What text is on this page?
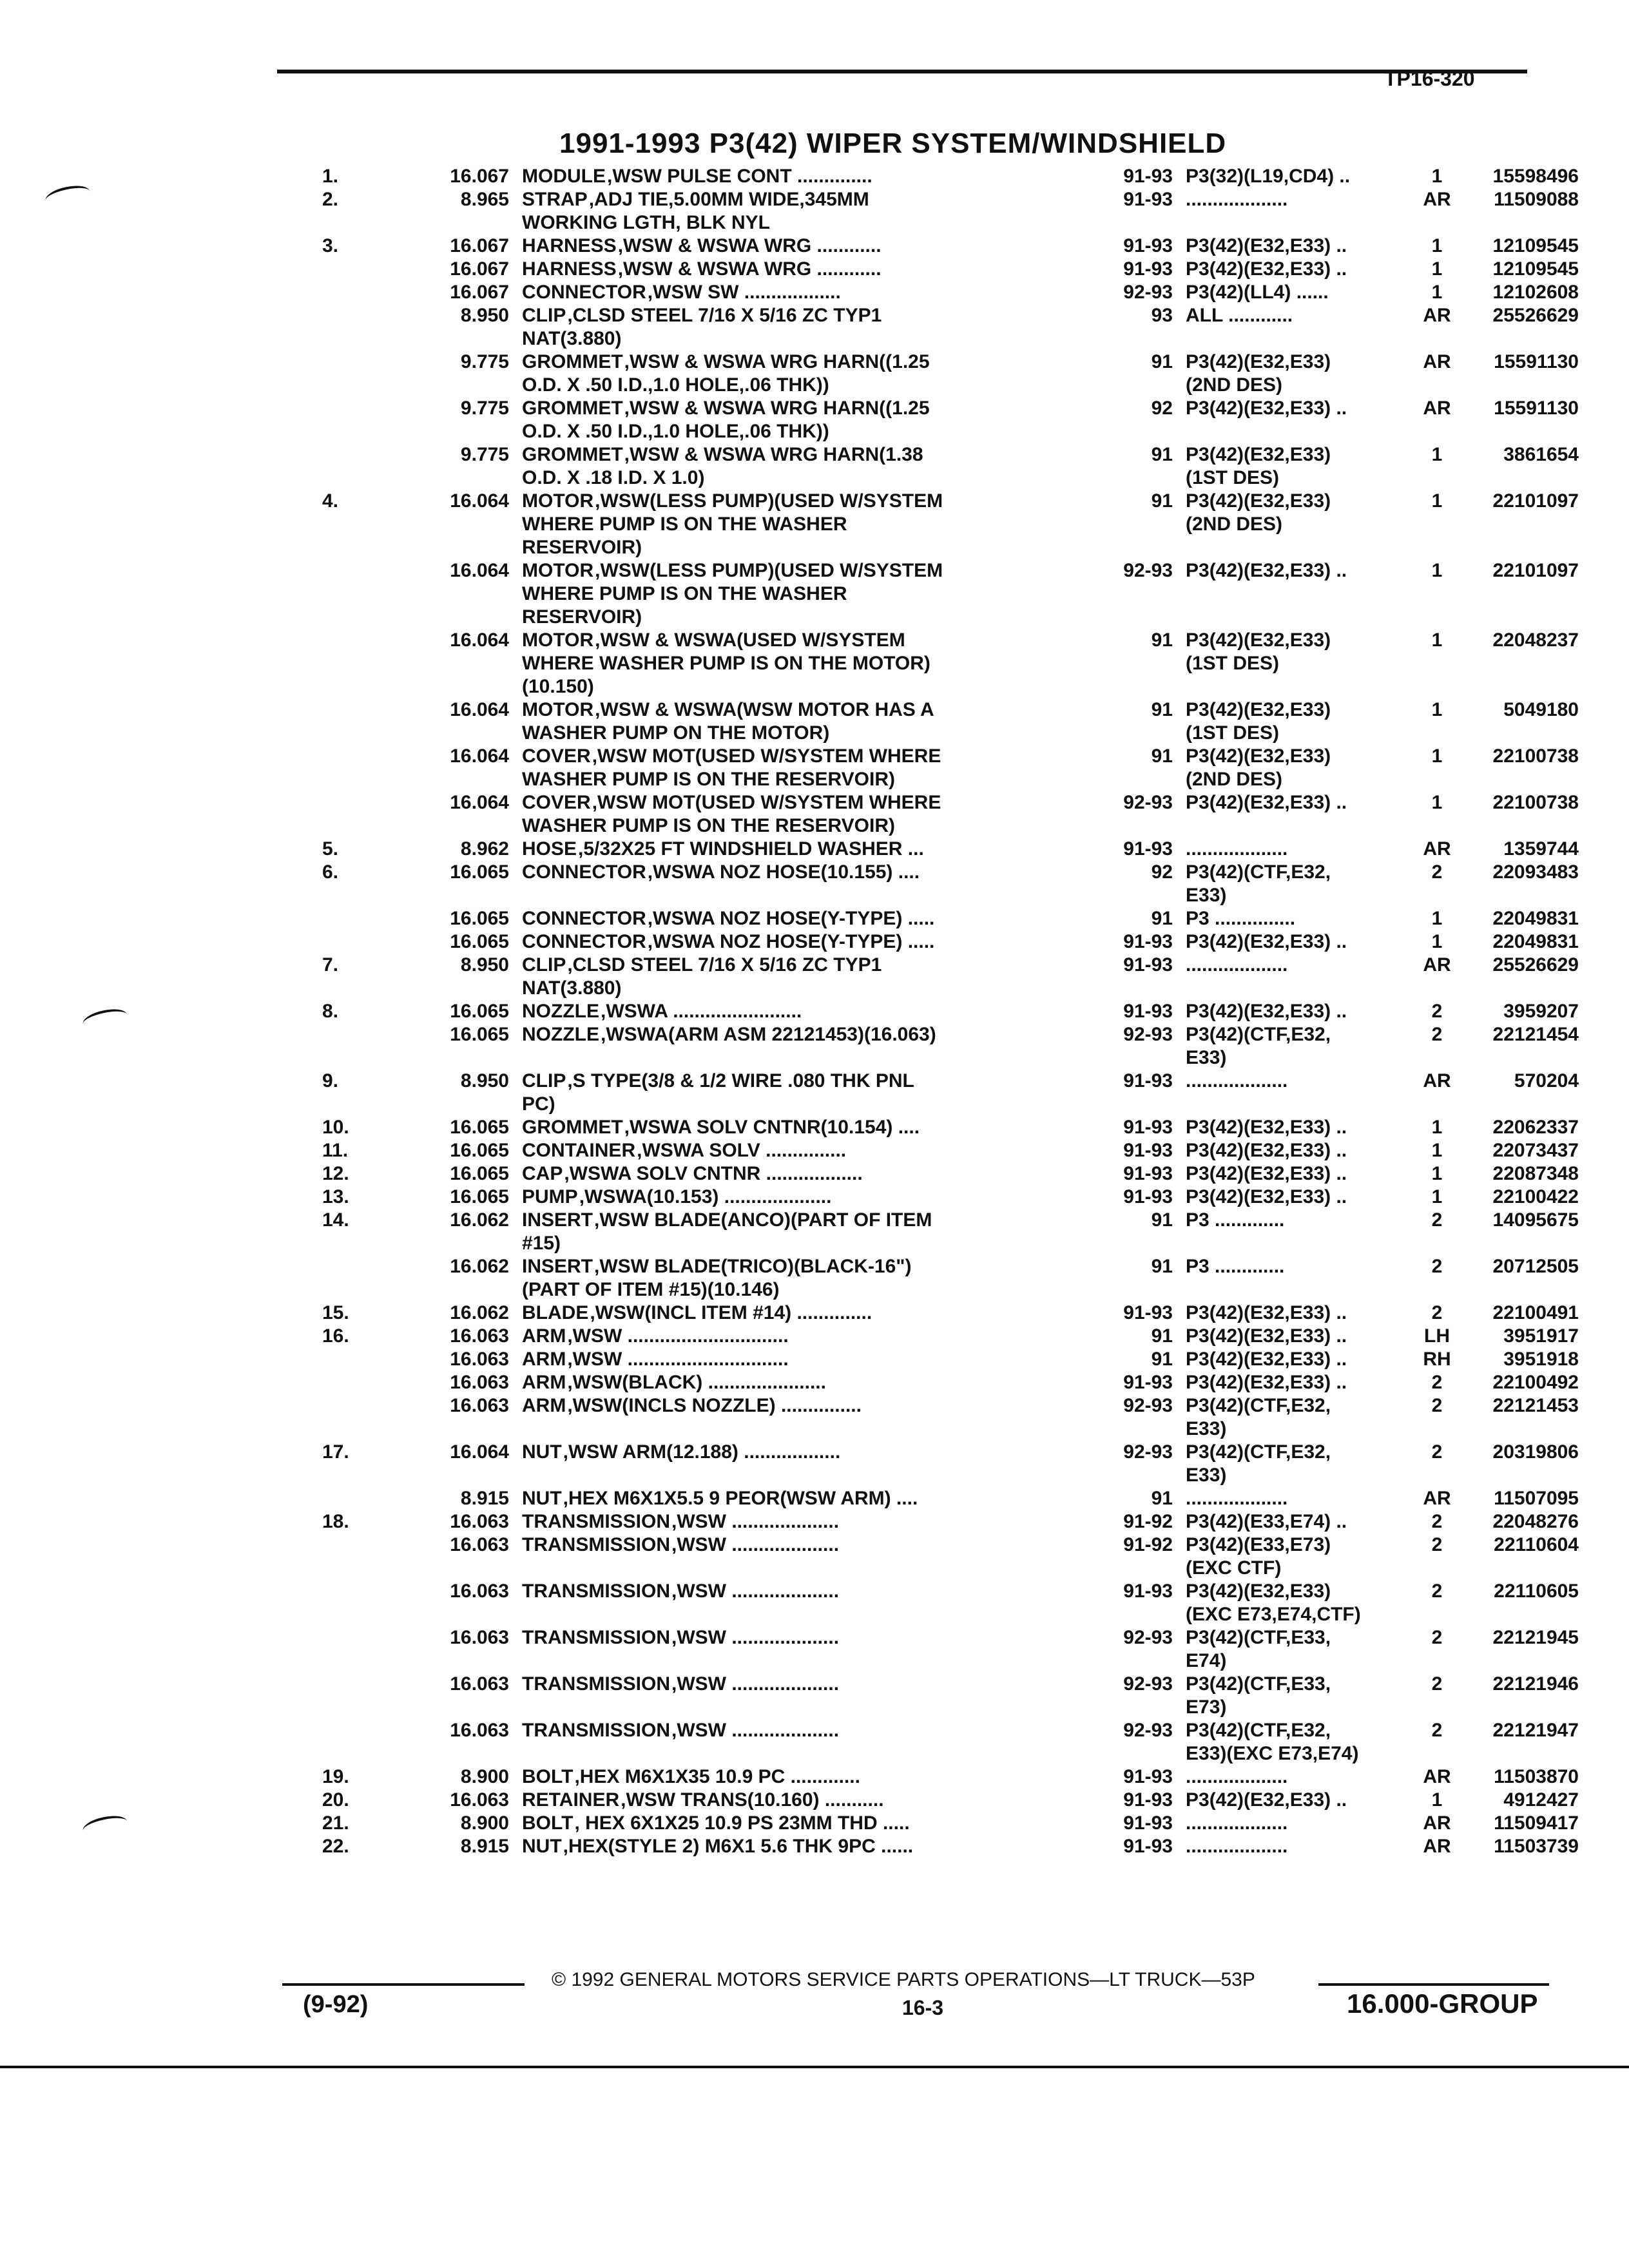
TP16-320
1991-1993 P3(42) WIPER SYSTEM/WINDSHIELD
1.	16.067 MODULE,WSW PULSE CONT ..............	91-93 P3(32)(L19,CD4) ..	1	15598496
2.	8.965 STRAP,ADJ TIE,5.00MM WIDE,345MM	91-93 ...................	AR	11509088
WORKING LGTH, BLK NYL
3.	16.067 HARNESS,WSW & WSWA WRG ............	91-93 P3(42)(E32,E33) ..	1	12109545
16.067 HARNESS,WSW & WSWA WRG ............	91-93 P3(42)(E32,E33) ..	1	12109545
16.067 CONNECTOR,WSW SW ..................	92-93 P3(42)(LL4) ......	1	12102608
8.950 CLIP,CLSD STEEL 7/16 X 5/16 ZC TYP1	93 ALL ............	AR	25526629
NAT(3.880)
9.775 GROMMET,WSW & WSWA WRG HARN((1.25	91 P3(42)(E32,E33)	AR	15591130
O.D. X .50 I.D.,1.0 HOLE,.06 THK))	(2ND DES)
9.775 GROMMET,WSW & WSWA WRG HARN((1.25	92 P3(42)(E32,E33) ..	AR	15591130
O.D. X .50 I.D.,1.0 HOLE,.06 THK))
9.775 GROMMET,WSW & WSWA WRG HARN(1.38	91 P3(42)(E32,E33)	1	3861654
O.D. X .18 I.D. X 1.0)	(1ST DES)
4.	16.064 MOTOR,WSW(LESS PUMP)(USED W/SYSTEM	91 P3(42)(E32,E33)	1	22101097
WHERE PUMP IS ON THE WASHER	(2ND DES)
RESERVOIR)
16.064 MOTOR,WSW(LESS PUMP)(USED W/SYSTEM	92-93 P3(42)(E32,E33) ..	1	22101097
WHERE PUMP IS ON THE WASHER
RESERVOIR)
16.064 MOTOR,WSW & WSWA(USED W/SYSTEM	91 P3(42)(E32,E33)	1	22048237
WHERE WASHER PUMP IS ON THE MOTOR)	(1ST DES)
(10.150)
16.064 MOTOR,WSW & WSWA(WSW MOTOR HAS A	91 P3(42)(E32,E33)	1	5049180
WASHER PUMP ON THE MOTOR)	(1ST DES)
16.064 COVER,WSW MOT(USED W/SYSTEM WHERE	91 P3(42)(E32,E33)	1	22100738
WASHER PUMP IS ON THE RESERVOIR)	(2ND DES)
16.064 COVER,WSW MOT(USED W/SYSTEM WHERE	92-93 P3(42)(E32,E33) ..	1	22100738
WASHER PUMP IS ON THE RESERVOIR)
5.	8.962 HOSE,5/32X25 FT WINDSHIELD WASHER ...	91-93 ...................	AR	1359744
6.	16.065 CONNECTOR,WSWA NOZ HOSE(10.155) ....	92 P3(42)(CTF,E32,	2	22093483
E33)
16.065 CONNECTOR,WSWA NOZ HOSE(Y-TYPE) .....	91 P3 ...............	1	22049831
16.065 CONNECTOR,WSWA NOZ HOSE(Y-TYPE) .....	91-93 P3(42)(E32,E33) ..	1	22049831
7.	8.950 CLIP,CLSD STEEL 7/16 X 5/16 ZC TYP1	91-93 ...................	AR	25526629
NAT(3.880)
8.	16.065 NOZZLE,WSWA ........................	91-93 P3(42)(E32,E33) ..	2	3959207
16.065 NOZZLE,WSWA(ARM ASM 22121453)(16.063)	92-93 P3(42)(CTF,E32,	2	22121454
E33)
9.	8.950 CLIP,S TYPE(3/8 & 1/2 WIRE .080 THK PNL	91-93 ...................	AR	570204
PC)
10.	16.065 GROMMET,WSWA SOLV CNTNR(10.154) ....	91-93 P3(42)(E32,E33) ..	1	22062337
11.	16.065 CONTAINER,WSWA SOLV ...............	91-93 P3(42)(E32,E33) ..	1	22073437
12.	16.065 CAP,WSWA SOLV CNTNR ..................	91-93 P3(42)(E32,E33) ..	1	22087348
13.	16.065 PUMP,WSWA(10.153) ....................	91-93 P3(42)(E32,E33) ..	1	22100422
14.	16.062 INSERT,WSW BLADE(ANCO)(PART OF ITEM	91 P3 .............	2	14095675
#15)
16.062 INSERT,WSW BLADE(TRICO)(BLACK-16")	91 P3 .............	2	20712505
(PART OF ITEM #15)(10.146)
15.	16.062 BLADE,WSW(INCL ITEM #14) ..............	91-93 P3(42)(E32,E33) ..	2	22100491
16.	16.063 ARM,WSW ..............................	91 P3(42)(E32,E33) ..	LH	3951917
16.063 ARM,WSW ..............................	91 P3(42)(E32,E33) ..	RH	3951918
16.063 ARM,WSW(BLACK) ......................	91-93 P3(42)(E32,E33) ..	2	22100492
16.063 ARM,WSW(INCLS NOZZLE) ...............	92-93 P3(42)(CTF,E32,	2	22121453
E33)
17.	16.064 NUT,WSW ARM(12.188) ..................	92-93 P3(42)(CTF,E32,	2	20319806
E33)
8.915 NUT,HEX M6X1X5.5 9 PEOR(WSW ARM) ....	91 ...................	AR	11507095
18.	16.063 TRANSMISSION,WSW ....................	91-92 P3(42)(E33,E74) ..	2	22048276
16.063 TRANSMISSION,WSW ....................	91-92 P3(42)(E33,E73)	2	22110604
(EXC CTF)
16.063 TRANSMISSION,WSW ....................	91-93 P3(42)(E32,E33)	2	22110605
(EXC E73,E74,CTF)
16.063 TRANSMISSION,WSW ....................	92-93 P3(42)(CTF,E33,	2	22121945
E74)
16.063 TRANSMISSION,WSW ....................	92-93 P3(42)(CTF,E33,	2	22121946
E73)
16.063 TRANSMISSION,WSW ....................	92-93 P3(42)(CTF,E32,	2	22121947
E33)(EXC E73,E74)
19.	8.900 BOLT,HEX M6X1X35 10.9 PC .............	91-93 ...................	AR	11503870
20.	16.063 RETAINER,WSW TRANS(10.160) ...........	91-93 P3(42)(E32,E33) ..	1	4912427
21.	8.900 BOLT, HEX 6X1X25 10.9 PS 23MM THD .....	91-93 ...................	AR	11509417
22.	8.915 NUT,HEX(STYLE 2) M6X1 5.6 THK 9PC ......	91-93 ...................	AR	11503739
© 1992 GENERAL MOTORS SERVICE PARTS OPERATIONS—LT TRUCK—53P
(9-92)	16-3	16.000-GROUP
